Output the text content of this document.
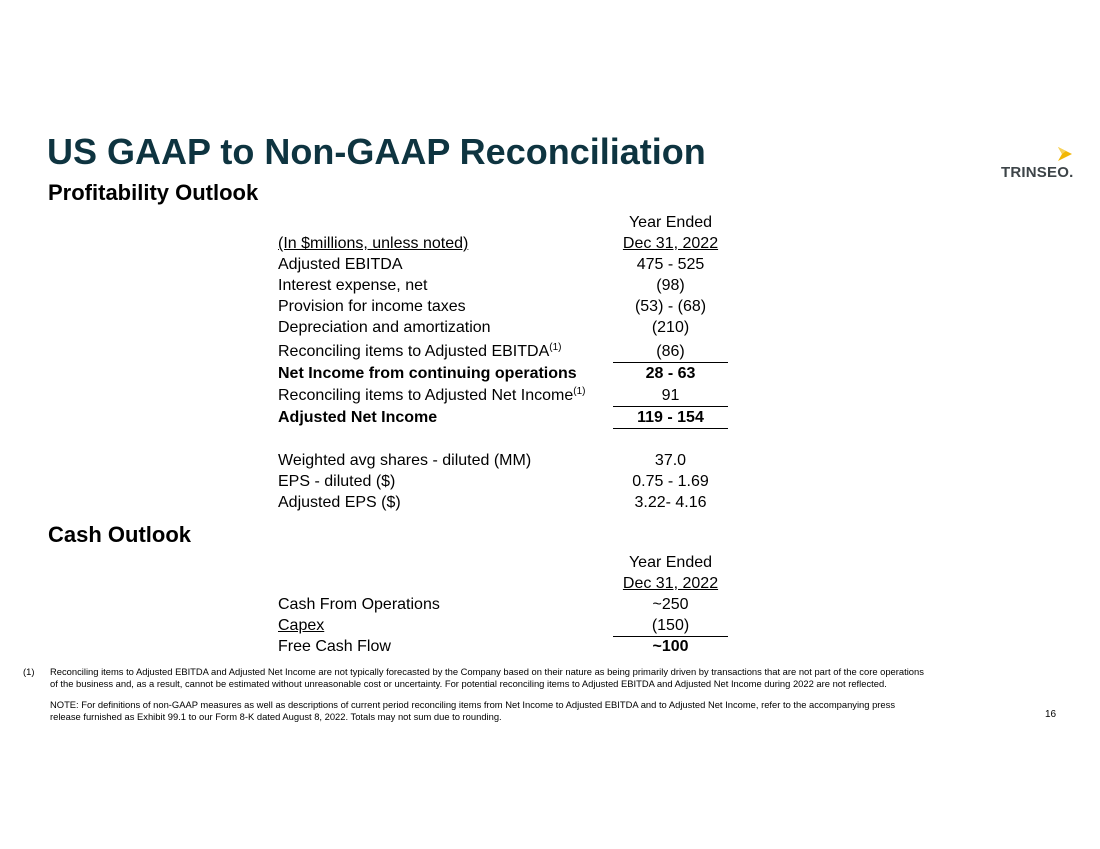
US GAAP to Non-GAAP Reconciliation
TRINSEO.
Profitability Outlook
Year Ended
(In $millions, unless noted)	Dec 31, 2022
Adjusted EBITDA	475 - 525
Interest expense, net	(98)
Provision for income taxes	(53) - (68)
Depreciation and amortization	(210)
Reconciling items to Adjusted EBITDA$^{(1)}$	(86)
Net Income from continuing operations	28 - 63
Reconciling items to Adjusted Net Income$^{(1)}$	91
Adjusted Net Income	119 - 154
Weighted avg shares - diluted (MM)	37.0
EPS - diluted ($)	0.75 - 1.69
Adjusted EPS ($)	3.22- 4.16
Cash Outlook
Year Ended
Dec 31, 2022
Cash From Operations	~250
Capex	(150)
Free Cash Flow	~100
(1) Reconciling items to Adjusted EBITDA and Adjusted Net Income are not typically forecasted by the Company based on their nature as being primarily driven by transactions that are not part of the core operations
of the business and, as a result, cannot be estimated without unreasonable cost or uncertainty. For potential reconciling items to Adjusted EBITDA and Adjusted Net Income during 2022 are not reflected.
NOTE: For definitions of non-GAAP measures as well as descriptions of current period reconciling items from Net Income to Adjusted EBITDA and to Adjusted Net Income, refer to the accompanying press
release furnished as Exhibit 99.1 to our Form 8-K dated August 8, 2022. Totals may not sum due to rounding.	16
